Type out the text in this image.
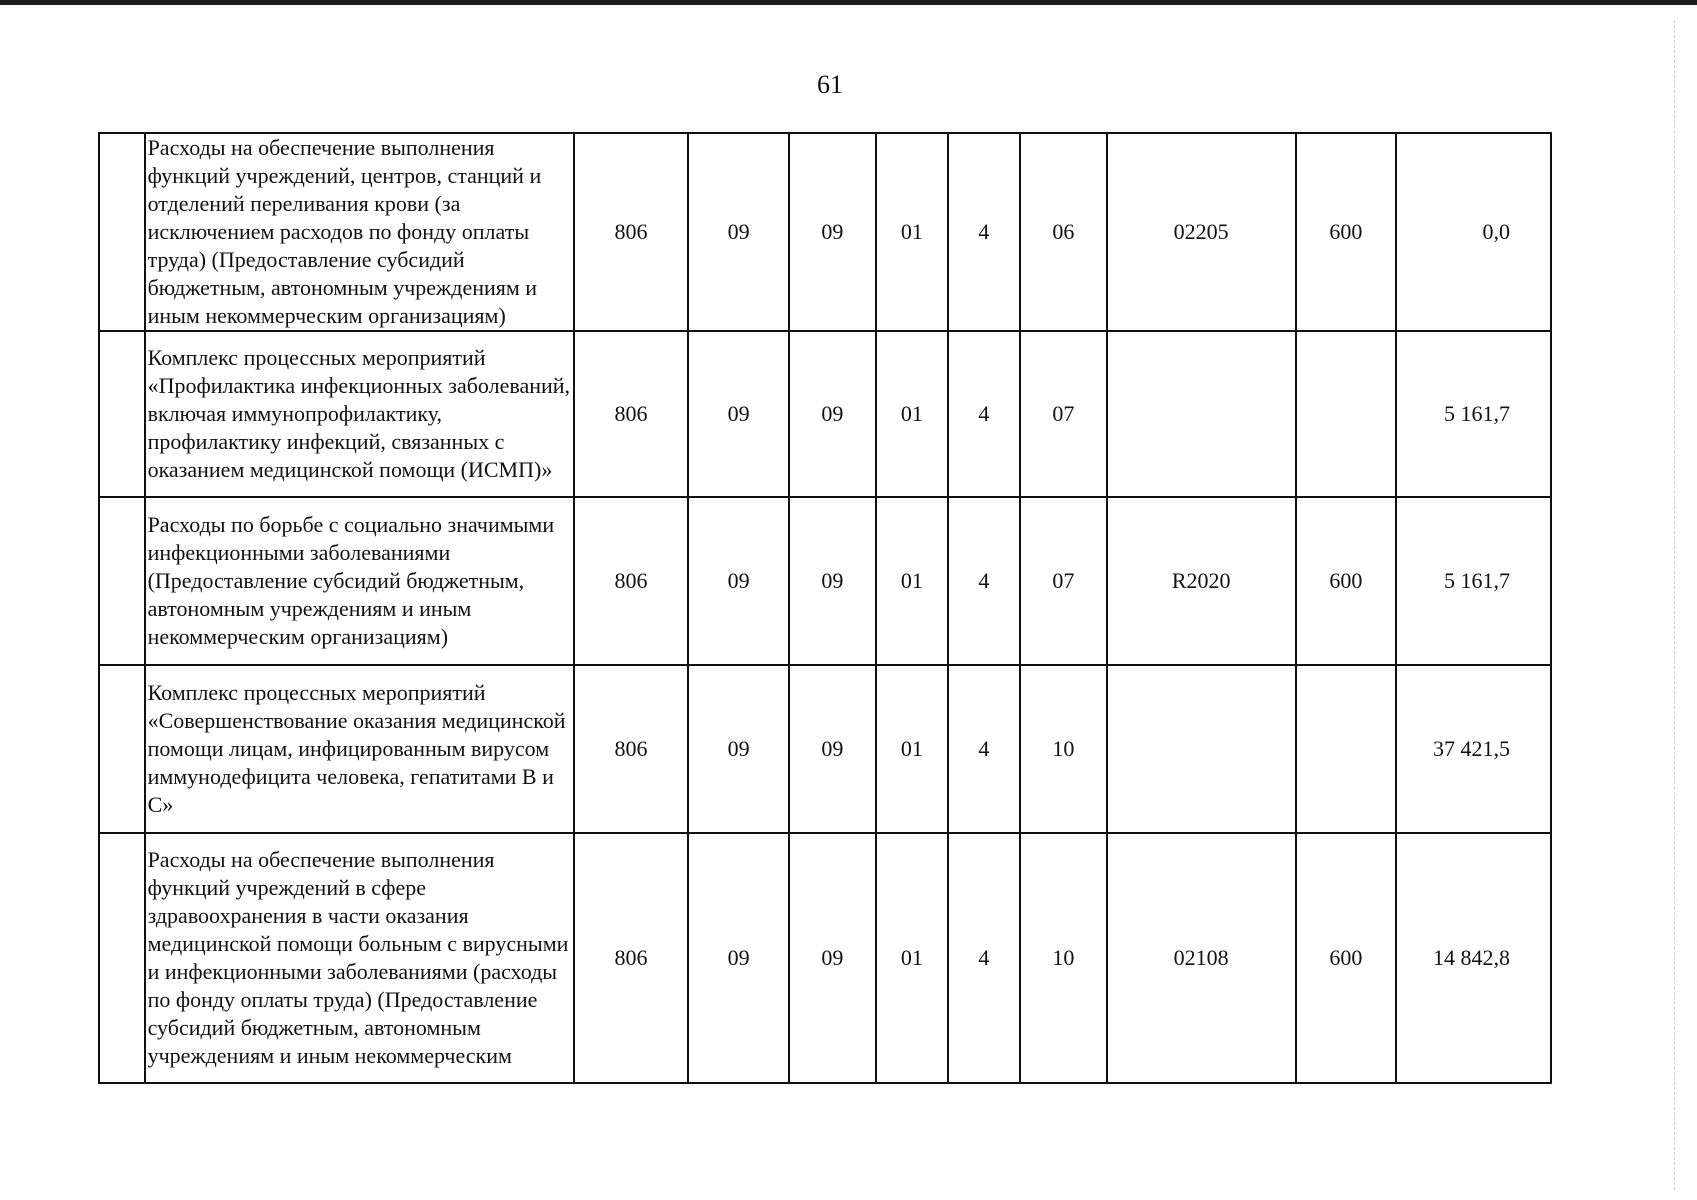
61
	Расходы на обеспечение выполнения функций учреждений, центров, станций и отделений переливания крови (за исключением расходов по фонду оплаты труда) (Предоставление субсидий бюджетным, автономным учреждениям и иным некоммерческим организациям)	806	09	09	01	4	06	02205	600	0,0
	Комплекс процессных мероприятий «Профилактика инфекционных заболеваний, включая иммунопрофилактику, профилактику инфекций, связанных с оказанием медицинской помощи (ИСМП)»	806	09	09	01	4	07			5 161,7
	Расходы по борьбе с социально значимыми инфекционными заболеваниями (Предоставление субсидий бюджетным, автономным учреждениям и иным некоммерческим организациям)	806	09	09	01	4	07	R2020	600	5 161,7
	Комплекс процессных мероприятий «Совершенствование оказания медицинской помощи лицам, инфицированным вирусом иммунодефицита человека, гепатитами В и С»	806	09	09	01	4	10			37 421,5
	Расходы на обеспечение выполнения функций учреждений в сфере здравоохранения в части оказания медицинской помощи больным с вирусными и инфекционными заболеваниями (расходы по фонду оплаты труда) (Предоставление субсидий бюджетным, автономным учреждениям и иным некоммерческим	806	09	09	01	4	10	02108	600	14 842,8
